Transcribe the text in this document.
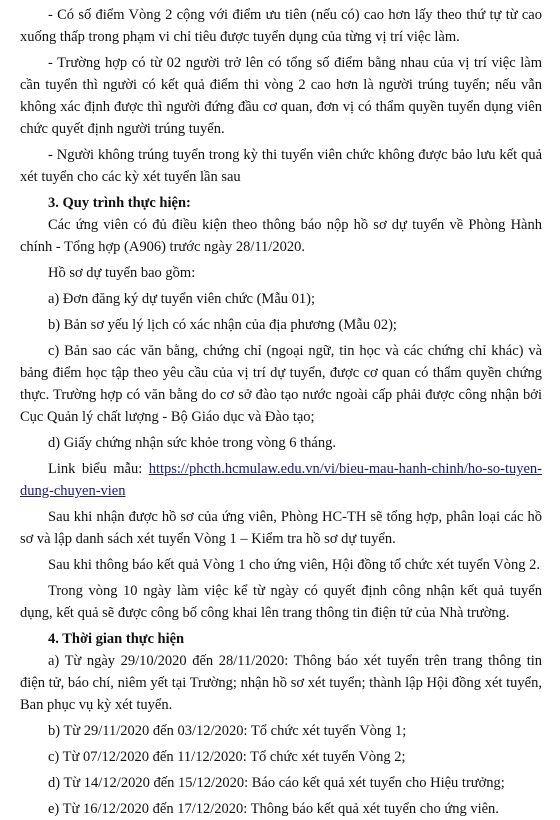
- Có số điểm Vòng 2 cộng với điểm ưu tiên (nếu có) cao hơn lấy theo thứ tự từ cao xuống thấp trong phạm vi chỉ tiêu được tuyển dụng của từng vị trí việc làm.

- Trường hợp có từ 02 người trở lên có tổng số điểm bằng nhau của vị trí việc làm cần tuyển thì người có kết quả điểm thi vòng 2 cao hơn là người trúng tuyển; nếu vẫn không xác định được thì người đứng đầu cơ quan, đơn vị có thẩm quyền tuyển dụng viên chức quyết định người trúng tuyển.

- Người không trúng tuyển trong kỳ thi tuyển viên chức không được bảo lưu kết quả xét tuyển cho các kỳ xét tuyển lần sau

3. Quy trình thực hiện:

Các ứng viên có đủ điều kiện theo thông báo nộp hồ sơ dự tuyển về Phòng Hành chính - Tổng hợp (A906) trước ngày 28/11/2020.

Hồ sơ dự tuyển bao gồm:

a) Đơn đăng ký dự tuyển viên chức (Mẫu 01);

b) Bản sơ yếu lý lịch có xác nhận của địa phương (Mẫu 02);

c) Bản sao các văn bằng, chứng chỉ (ngoại ngữ, tin học và các chứng chỉ khác) và bảng điểm học tập theo yêu cầu của vị trí dự tuyển, được cơ quan có thẩm quyền chứng thực. Trường hợp có văn bằng do cơ sở đào tạo nước ngoài cấp phải được công nhận bởi Cục Quản lý chất lượng - Bộ Giáo dục và Đào tạo;

d) Giấy chứng nhận sức khỏe trong vòng 6 tháng.

Link biểu mẫu: https://phcth.hcmulaw.edu.vn/vi/bieu-mau-hanh-chinh/ho-so-tuyen-dung-chuyen-vien

Sau khi nhận được hồ sơ của ứng viên, Phòng HC-TH sẽ tổng hợp, phân loại các hồ sơ và lập danh sách xét tuyển Vòng 1 – Kiểm tra hồ sơ dự tuyển.

Sau khi thông báo kết quả Vòng 1 cho ứng viên, Hội đồng tổ chức xét tuyển Vòng 2.

Trong vòng 10 ngày làm việc kể từ ngày có quyết định công nhận kết quả tuyển dụng, kết quả sẽ được công bố công khai lên trang thông tin điện tử của Nhà trường.

4. Thời gian thực hiện

a) Từ ngày 29/10/2020 đến 28/11/2020: Thông báo xét tuyển trên trang thông tin điện tử, báo chí, niêm yết tại Trường; nhận hồ sơ xét tuyển; thành lập Hội đồng xét tuyển, Ban phục vụ kỳ xét tuyển.

b) Từ 29/11/2020 đến 03/12/2020: Tổ chức xét tuyển Vòng 1;

c) Từ 07/12/2020 đến 11/12/2020: Tổ chức xét tuyển Vòng 2;

d) Từ 14/12/2020 đến 15/12/2020: Báo cáo kết quả xét tuyển cho Hiệu trưởng;

e) Từ 16/12/2020 đến 17/12/2020: Thông báo kết quả xét tuyển cho ứng viên.
